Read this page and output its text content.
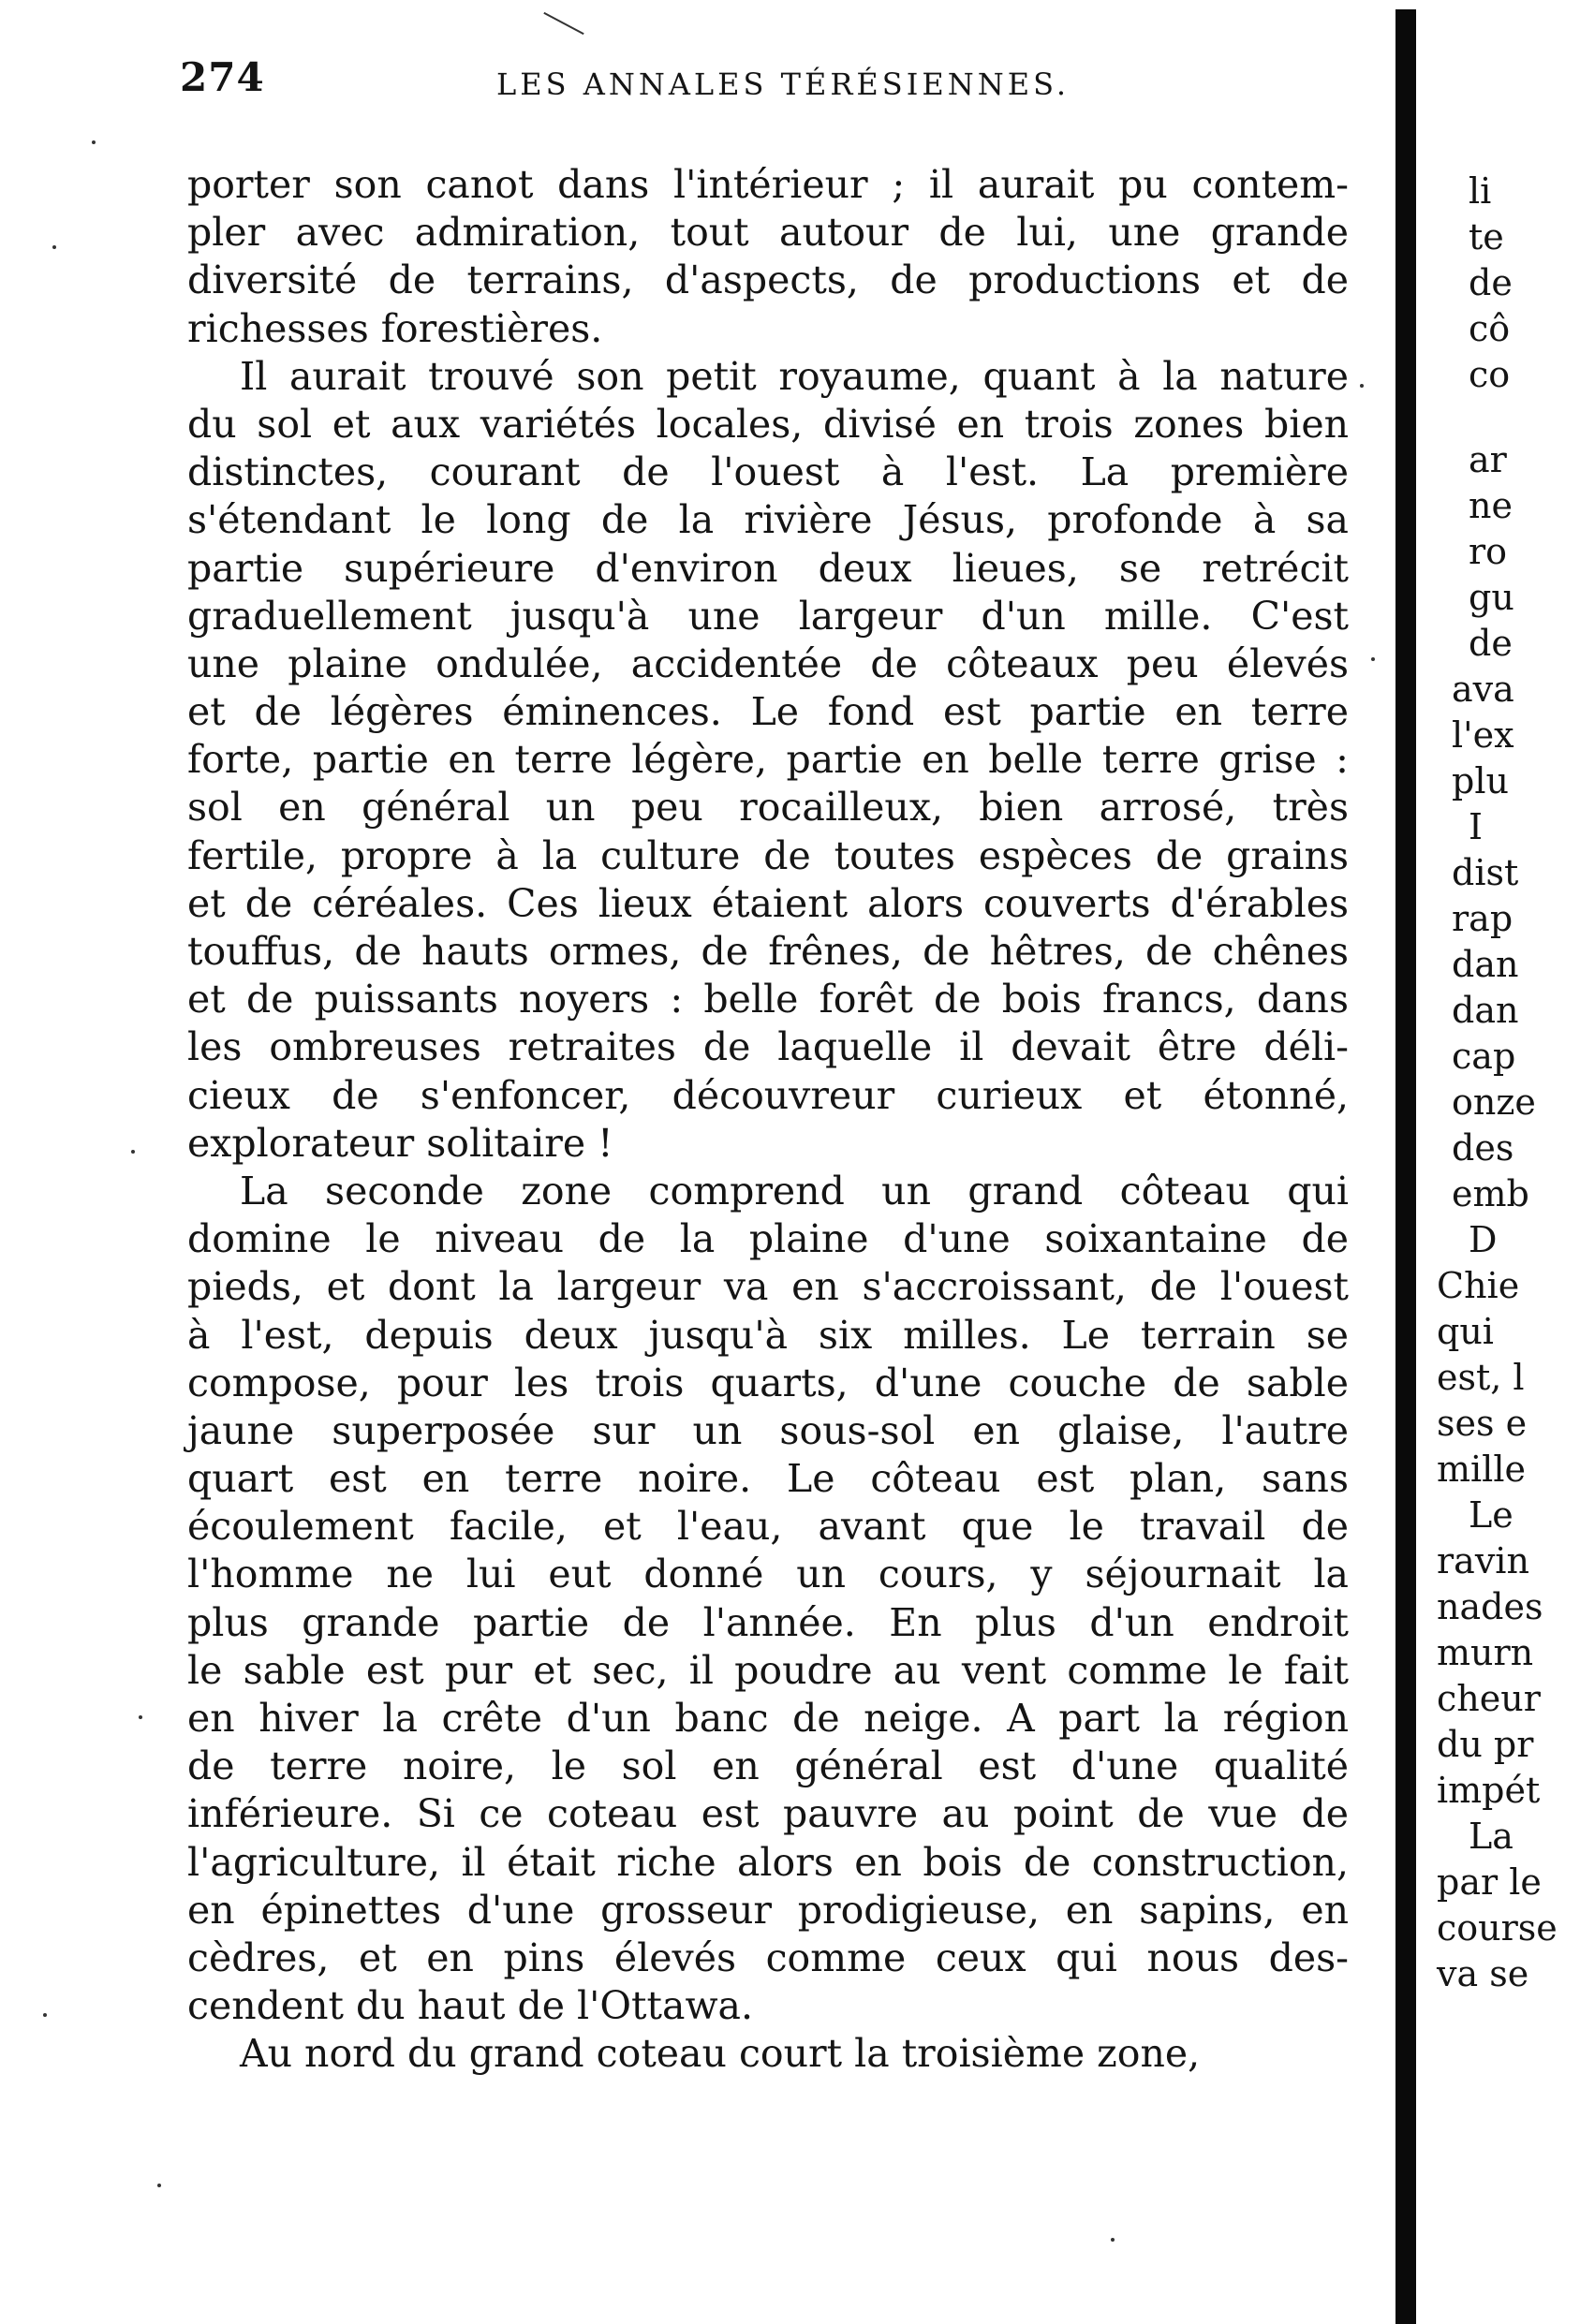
274	LES ANNALES TÉRÉSIENNES.
porter son canot dans l'intérieur ; il aurait pu contem-
pler avec admiration, tout autour de lui, une grande
diversité de terrains, d'aspects, de productions et de
richesses forestières.
Il aurait trouvé son petit royaume, quant à la nature
du sol et aux variétés locales, divisé en trois zones bien
distinctes, courant de l'ouest à l'est. La première
s'étendant le long de la rivière Jésus, profonde à sa
partie supérieure d'environ deux lieues, se retrécit
graduellement jusqu'à une largeur d'un mille. C'est
une plaine ondulée, accidentée de côteaux peu élevés
et de légères éminences. Le fond est partie en terre
forte, partie en terre légère, partie en belle terre grise :
sol en général un peu rocailleux, bien arrosé, très
fertile, propre à la culture de toutes espèces de grains
et de céréales. Ces lieux étaient alors couverts d'érables
touffus, de hauts ormes, de frênes, de hêtres, de chênes
et de puissants noyers : belle forêt de bois francs, dans
les ombreuses retraites de laquelle il devait être déli-
cieux de s'enfoncer, découvreur curieux et étonné,
explorateur solitaire !
La seconde zone comprend un grand côteau qui
domine le niveau de la plaine d'une soixantaine de
pieds, et dont la largeur va en s'accroissant, de l'ouest
à l'est, depuis deux jusqu'à six milles. Le terrain se
compose, pour les trois quarts, d'une couche de sable
jaune superposée sur un sous-sol en glaise, l'autre
quart est en terre noire. Le côteau est plan, sans
écoulement facile, et l'eau, avant que le travail de
l'homme ne lui eut donné un cours, y séjournait la
plus grande partie de l'année. En plus d'un endroit
le sable est pur et sec, il poudre au vent comme le fait
en hiver la crête d'un banc de neige. A part la région
de terre noire, le sol en général est d'une qualité
inférieure. Si ce coteau est pauvre au point de vue de
l'agriculture, il était riche alors en bois de construction,
en épinettes d'une grosseur prodigieuse, en sapins, en
cèdres, et en pins élevés comme ceux qui nous des-
cendent du haut de l'Ottawa.
Au nord du grand coteau court la troisième zone,
li
te
de
cô
co
ar
ne
ro
gu
de
ava
l'ex
plu
I
dist
rap
dan
dan
cap
onze
des
emb
D
Chie
qui
est, l
ses e
mille
Le
ravin
nades
murn
cheur
du pr
impét
La
par le
course
va se
